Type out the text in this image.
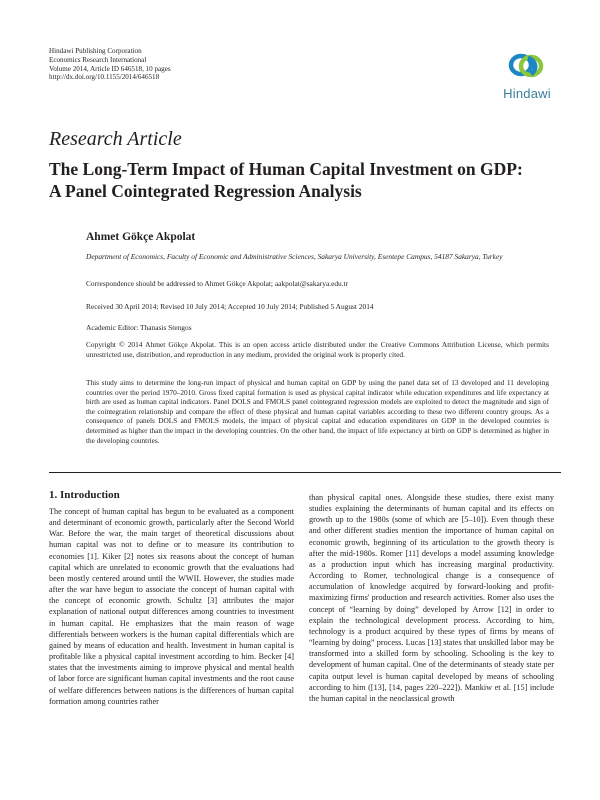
Hindawi Publishing Corporation
Economics Research International
Volume 2014, Article ID 646518, 10 pages
http://dx.doi.org/10.1155/2014/646518
Hindawi
Research Article
The Long-Term Impact of Human Capital Investment on GDP:
A Panel Cointegrated Regression Analysis
Ahmet Gökçe Akpolat
Department of Economics, Faculty of Economic and Administrative Sciences, Sakarya University, Esentepe Campus, 54187 Sakarya, Turkey
Correspondence should be addressed to Ahmet Gökçe Akpolat; aakpolat@sakarya.edu.tr
Received 30 April 2014; Revised 10 July 2014; Accepted 10 July 2014; Published 5 August 2014
Academic Editor: Thanasis Stengos
Copyright © 2014 Ahmet Gökçe Akpolat. This is an open access article distributed under the Creative Commons Attribution License, which permits unrestricted use, distribution, and reproduction in any medium, provided the original work is properly cited.
This study aims to determine the long-run impact of physical and human capital on GDP by using the panel data set of 13 developed and 11 developing countries over the period 1970–2010. Gross fixed capital formation is used as physical capital indicator while education expenditures and life expectancy at birth are used as human capital indicators. Panel DOLS and FMOLS panel cointegrated regression models are exploited to detect the magnitude and sign of the cointegration relationship and compare the effect of these physical and human capital variables according to these two different country groups. As a consequence of panels DOLS and FMOLS models, the impact of physical capital and education expenditures on GDP in the developed countries is determined as higher than the impact in the developing countries. On the other hand, the impact of life expectancy at birth on GDP is determined as higher in the developing countries.
1. Introduction
The concept of human capital has begun to be evaluated as a component and determinant of economic growth, particularly after the Second World War. Before the war, the main target of theoretical discussions about human capital was not to define or to measure its contribution to economies [1]. Kiker [2] notes six reasons about the concept of human capital which are unrelated to economic growth that the evaluations had been mostly centered around until the WWII. However, the studies made after the war have begun to associate the concept of human capital with the concept of economic growth. Schultz [3] attributes the major explanation of national output differences among countries to investment in human capital. He emphasizes that the main reason of wage differentials between workers is the human capital differentials which are gained by means of education and health. Investment in human capital is profitable like a physical capital investment according to him. Becker [4] states that the investments aiming to improve physical and mental health of labor force are significant human capital investments and the root cause of welfare differences between nations is the differences of human capital formation among countries rather
than physical capital ones. Alongside these studies, there exist many studies explaining the determinants of human capital and its effects on growth up to the 1980s (some of which are [5–10]). Even though these and other different studies mention the importance of human capital on economic growth, beginning of its articulation to the growth theory is after the mid-1980s. Romer [11] develops a model assuming knowledge as a production input which has increasing marginal productivity. According to Romer, technological change is a consequence of accumulation of knowledge acquired by forward-looking and profit-maximizing firms' production and research activities. Romer also uses the concept of “learning by doing” developed by Arrow [12] in order to explain the technological development process. According to him, technology is a product acquired by these types of firms by means of “learning by doing” process. Lucas [13] states that unskilled labor may be transformed into a skilled form by schooling. Schooling is the key to development of human capital. One of the determinants of steady state per capita output level is human capital developed by means of schooling according to him ([13], [14, pages 220–222]). Mankiw et al. [15] include the human capital in the neoclassical growth
